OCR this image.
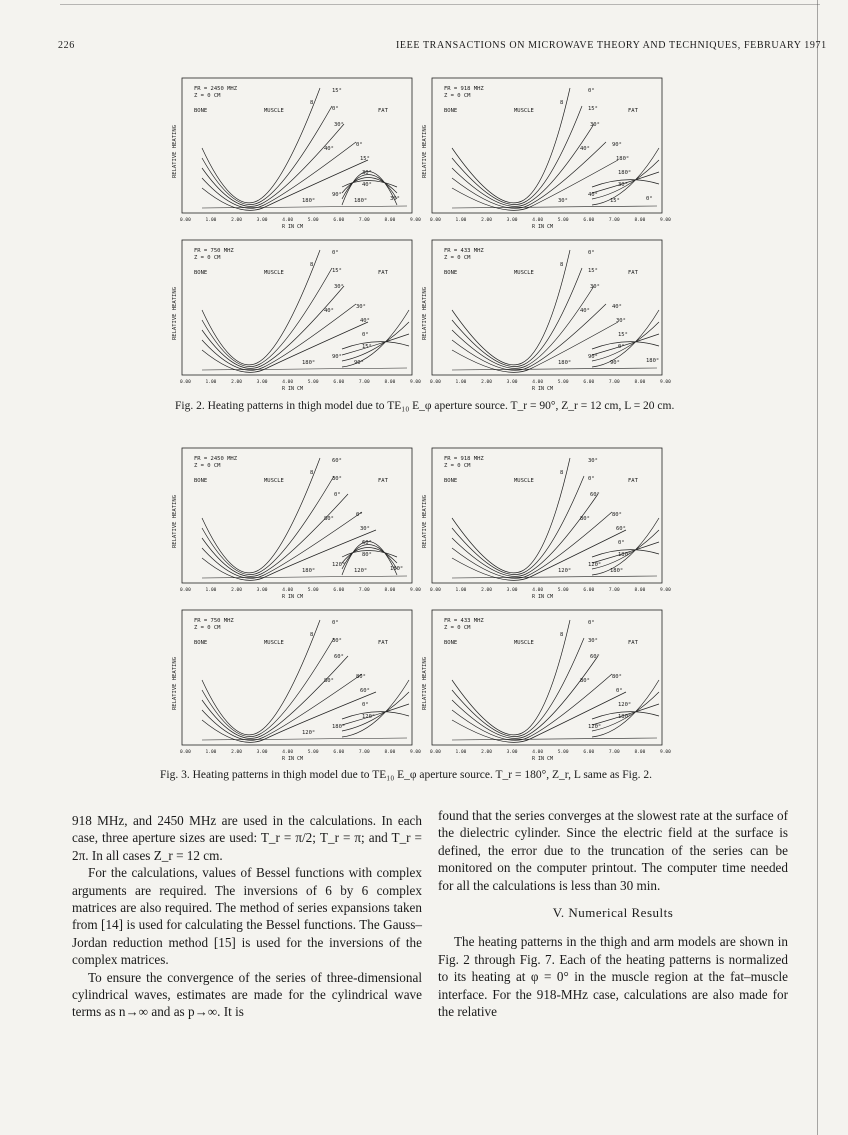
226	IEEE TRANSACTIONS ON MICROWAVE THEORY AND TECHNIQUES, FEBRUARY 1971
FR = 2450 MHZ
Z = 0 CM
BONE	MUSCLE	FAT
RELATIVE HEATING
R IN CM
0.00	1.00	2.00	3.00	4.00	5.00	6.00	7.00	8.00	9.00
15°
0°
30°
40°
0°
15°
30°
40°
90°
180°	180°	30°
8
FR = 918 MHZ
Z = 0 CM
BONE	MUSCLE	FAT
RELATIVE HEATING
R IN CM
0.00	1.00	2.00	3.00	4.00	5.00	6.00	7.00	8.00	9.00
0°
15°
30°
40°
90°
180°
180°
30°
40°
30°	15°	0°
8
FR = 750 MHZ
Z = 0 CM
BONE	MUSCLE	FAT
RELATIVE HEATING
R IN CM
0.00	1.00	2.00	3.00	4.00	5.00	6.00	7.00	8.00	9.00
0°
15°
30°
40°
30°
40°
0°
15°
90°
180°	90°
8
FR = 433 MHZ
Z = 0 CM
BONE	MUSCLE	FAT
RELATIVE HEATING
R IN CM
0.00	1.00	2.00	3.00	4.00	5.00	6.00	7.00	8.00	9.00
0°
15°
30°
40°
40°
30°
15°
0°
90°
180°	90°	180°
8
Fig. 2. Heating patterns in thigh model due to TE₁₀ E_φ aperture source. T_r = 90°, Z_r = 12 cm, L = 20 cm.
FR = 2450 MHZ
Z = 0 CM
BONE	MUSCLE	FAT
RELATIVE HEATING
R IN CM
0.00	1.00	2.00	3.00	4.00	5.00	6.00	7.00	8.00	9.00
60°
30°
0°
80°
0°
30°
60°
80°
120°
180°	120°	180°
8
FR = 918 MHZ
Z = 0 CM
BONE	MUSCLE	FAT
RELATIVE HEATING
R IN CM
0.00	1.00	2.00	3.00	4.00	5.00	6.00	7.00	8.00	9.00
30°
0°
60°
80°
80°
60°
0°
180°
120°
120°	180°
8
FR = 750 MHZ
Z = 0 CM
BONE	MUSCLE	FAT
RELATIVE HEATING
R IN CM
0.00	1.00	2.00	3.00	4.00	5.00	6.00	7.00	8.00	9.00
0°
30°
60°
80°
80°
60°
0°
120°
180°
120°
8
FR = 433 MHZ
Z = 0 CM
BONE	MUSCLE	FAT
RELATIVE HEATING
R IN CM
0.00	1.00	2.00	3.00	4.00	5.00	6.00	7.00	8.00	9.00
0°
30°
60°
80°
80°
0°
120°
180°
120°
8
Fig. 3. Heating patterns in thigh model due to TE₁₀ E_φ aperture source. T_r = 180°, Z_r, L same as Fig. 2.

918 MHz, and 2450 MHz are used in the calculations. In each case, three aperture sizes are used: T_r = π/2; T_r = π; and T_r = 2π. In all cases Z_r = 12 cm.

For the calculations, values of Bessel functions with complex arguments are required. The inversions of 6 by 6 complex matrices are also required. The method of series expansions taken from [14] is used for calculating the Bessel functions. The Gauss–Jordan reduction method [15] is used for the inversions of the complex matrices.

To ensure the convergence of the series of three-dimensional cylindrical waves, estimates are made for the cylindrical wave terms as n→∞ and as p→∞. It is

found that the series converges at the slowest rate at the surface of the dielectric cylinder. Since the electric field at the surface is defined, the error due to the truncation of the series can be monitored on the computer printout. The computer time needed for all the calculations is less than 30 min.

V. Numerical Results

The heating patterns in the thigh and arm models are shown in Fig. 2 through Fig. 7. Each of the heating patterns is normalized to its heating at φ = 0° in the muscle region at the fat–muscle interface. For the 918-MHz case, calculations are also made for the relative
